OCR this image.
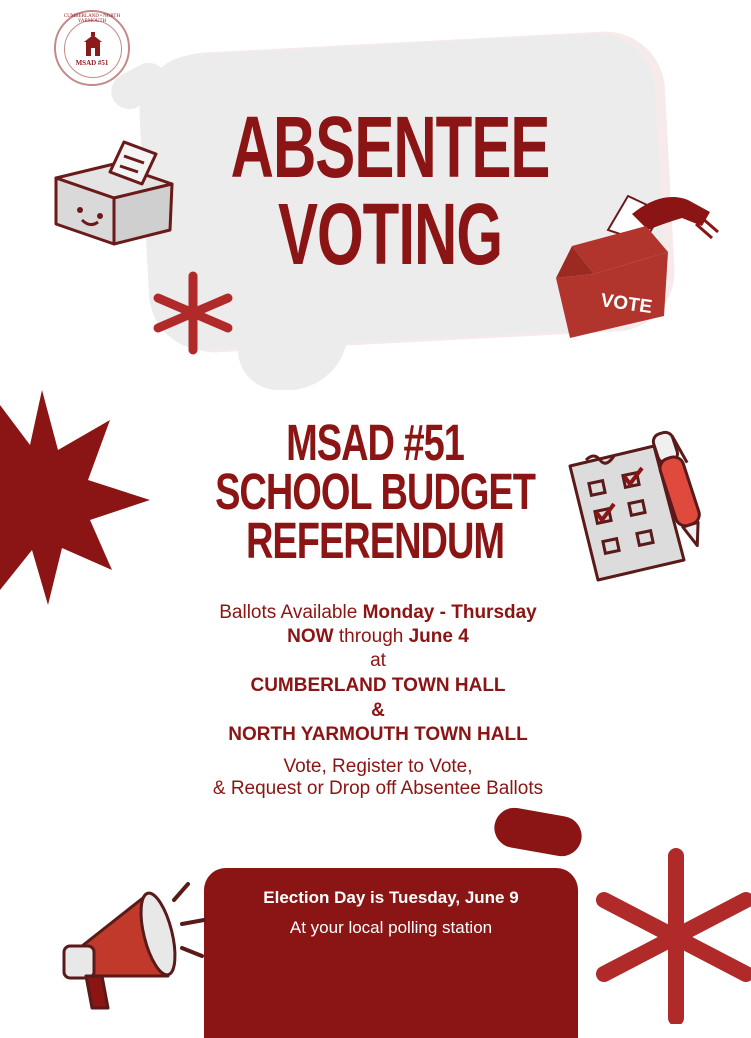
CUMBERLAND • NORTH YARMOUTH
MSAD #51
ABSENTEE
VOTING
VOTE
MSAD #51
SCHOOL BUDGET
REFERENDUM
Ballots Available Monday - Thursday
NOW through June 4
at
CUMBERLAND TOWN HALL
&
NORTH YARMOUTH TOWN HALL
Vote, Register to Vote,
& Request or Drop off Absentee Ballots
Election Day is Tuesday, June 9
At your local polling station
